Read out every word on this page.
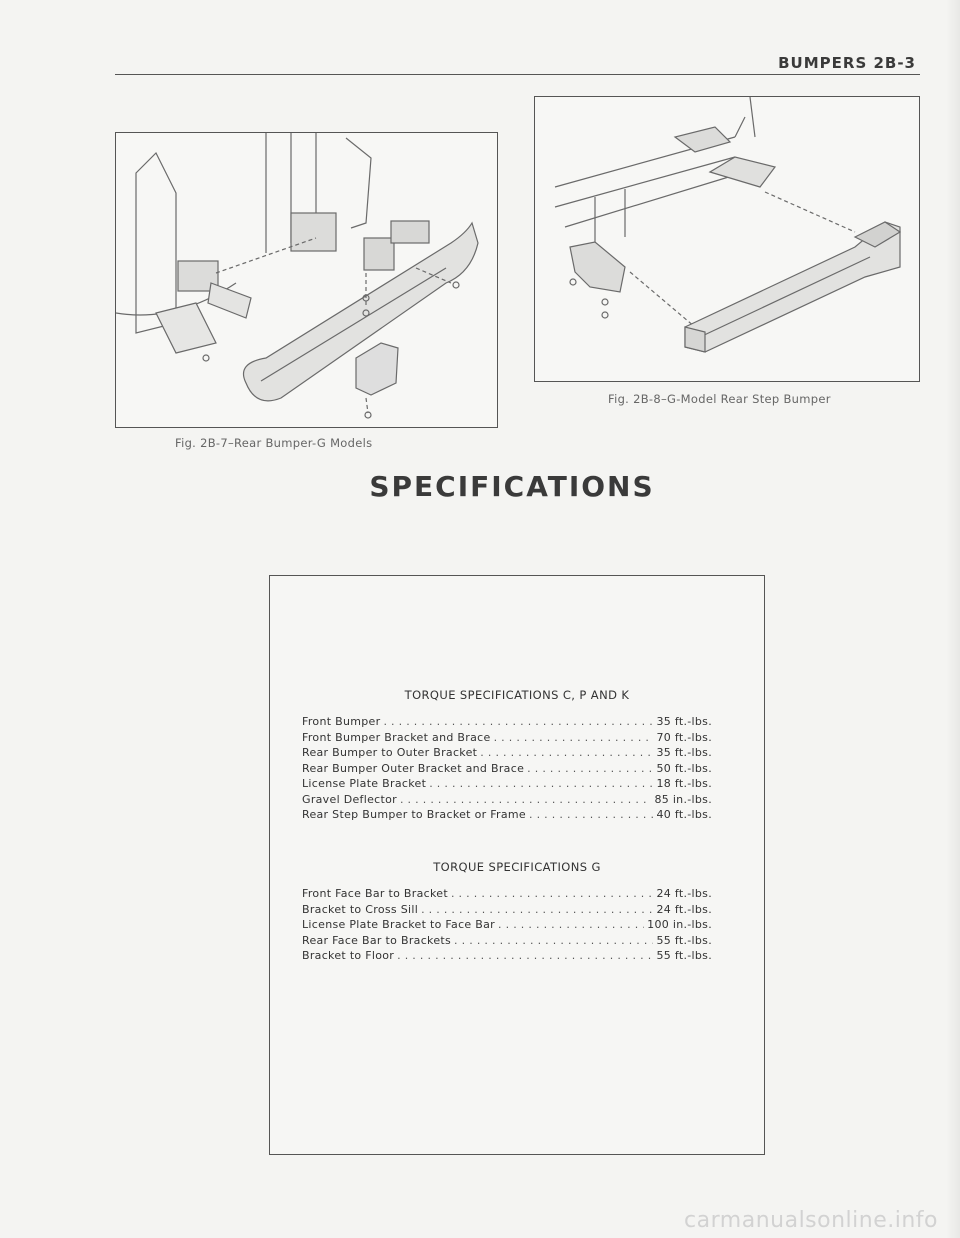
BUMPERS 2B-3
Fig. 2B-7–Rear Bumper-G Models
Fig. 2B-8–G-Model Rear Step Bumper
SPECIFICATIONS
TORQUE SPECIFICATIONS C, P AND K
Front Bumper . . .	35 ft.-lbs.
Front Bumper Bracket and Brace . . .	70 ft.-lbs.
Rear Bumper to Outer Bracket . . .	35 ft.-lbs.
Rear Bumper Outer Bracket and Brace . . .	50 ft.-lbs.
License Plate Bracket . . .	18 ft.-lbs.
Gravel Deflector . . .	85 in.-lbs.
Rear Step Bumper to Bracket or Frame . . .	40 ft.-lbs.
TORQUE SPECIFICATIONS G
Front Face Bar to Bracket . . .	24 ft.-lbs.
Bracket to Cross Sill . . .	24 ft.-lbs.
License Plate Bracket to Face Bar . . .	100 in.-lbs.
Rear Face Bar to Brackets . . .	55 ft.-lbs.
Bracket to Floor . . .	55 ft.-lbs.
carmanualsonline.info
